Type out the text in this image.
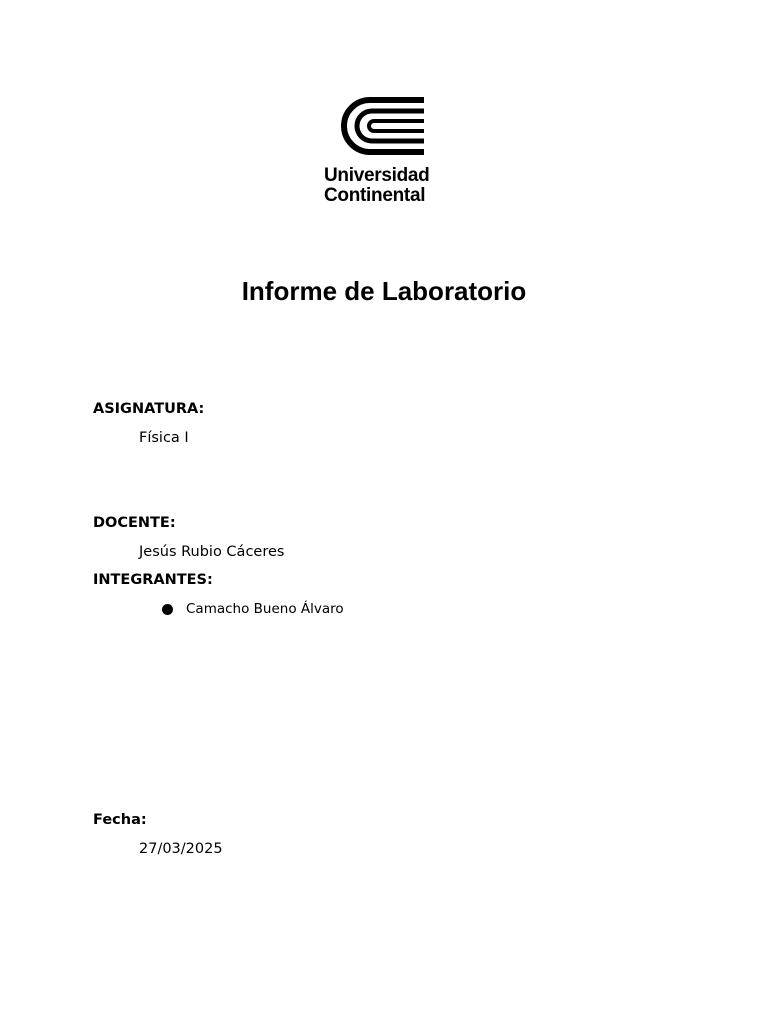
Universidad
Continental
Informe de Laboratorio
ASIGNATURA:
Física I
DOCENTE:
Jesús Rubio Cáceres
INTEGRANTES:
Camacho Bueno Álvaro
Fecha:
27/03/2025
